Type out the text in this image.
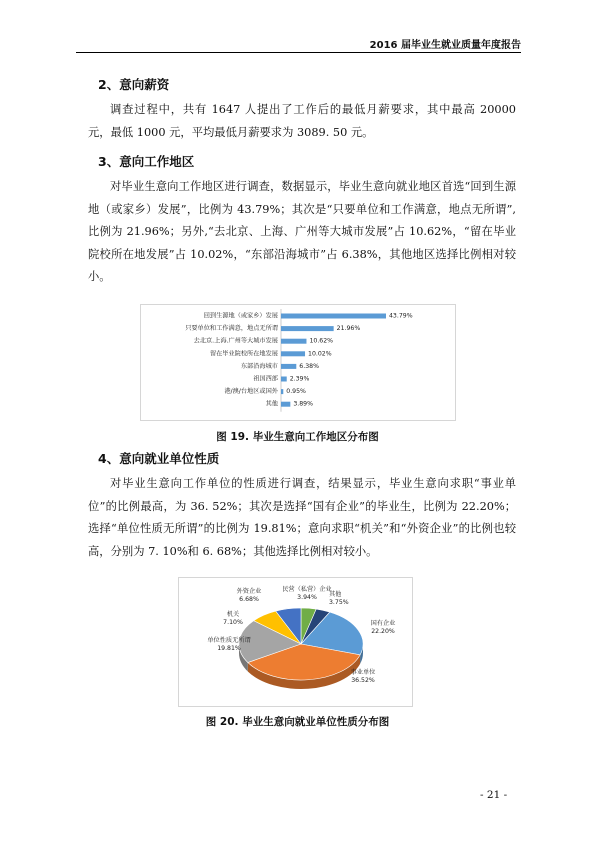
2016 届毕业生就业质量年度报告
2、意向薪资
调查过程中，共有 1647 人提出了工作后的最低月薪要求，其中最高 20000 元，最低 1000 元，平均最低月薪要求为 3089. 50 元。
3、意向工作地区
对毕业生意向工作地区进行调查，数据显示，毕业生意向就业地区首选“回到生源地（或家乡）发展”，比例为 43.79%；其次是“只要单位和工作满意，地点无所谓”,比例为 21.96%；另外,“去北京、上海、广州等大城市发展”占 10.62%，“留在毕业院校所在地发展”占 10.02%，“东部沿海城市”占 6.38%，其他地区选择比例相对较小。
回到生源地（或家乡）发展	43.79%
只要单位和工作满意，地点无所谓	21.96%
去北京.上海.广州等大城市发展	10.62%
留在毕业院校所在地发展	10.02%
东部沿海城市	6.38%
祖国西部 2.39%
港/澳/台地区或国外 0.95%
其他 3.89%
图 19. 毕业生意向工作地区分布图
4、意向就业单位性质
对毕业生意向工作单位的性质进行调查，结果显示，毕业生意向求职“事业单位”的比例最高，为 36. 52%；其次是选择“国有企业”的毕业生，比例为 22.20%；选择“单位性质无所谓”的比例为 19.81%；意向求职“机关”和“外资企业”的比例也较高，分别为 7. 10%和 6. 68%；其他选择比例相对较小。
民营（私营）企业
3.94% 其他
3.75%
国有企业
22.20%
事业单位
36.52%
单位性质无所谓
19.81%
机关
7.10%
外资企业
6.68%
图 20. 毕业生意向就业单位性质分布图
- 21 -
